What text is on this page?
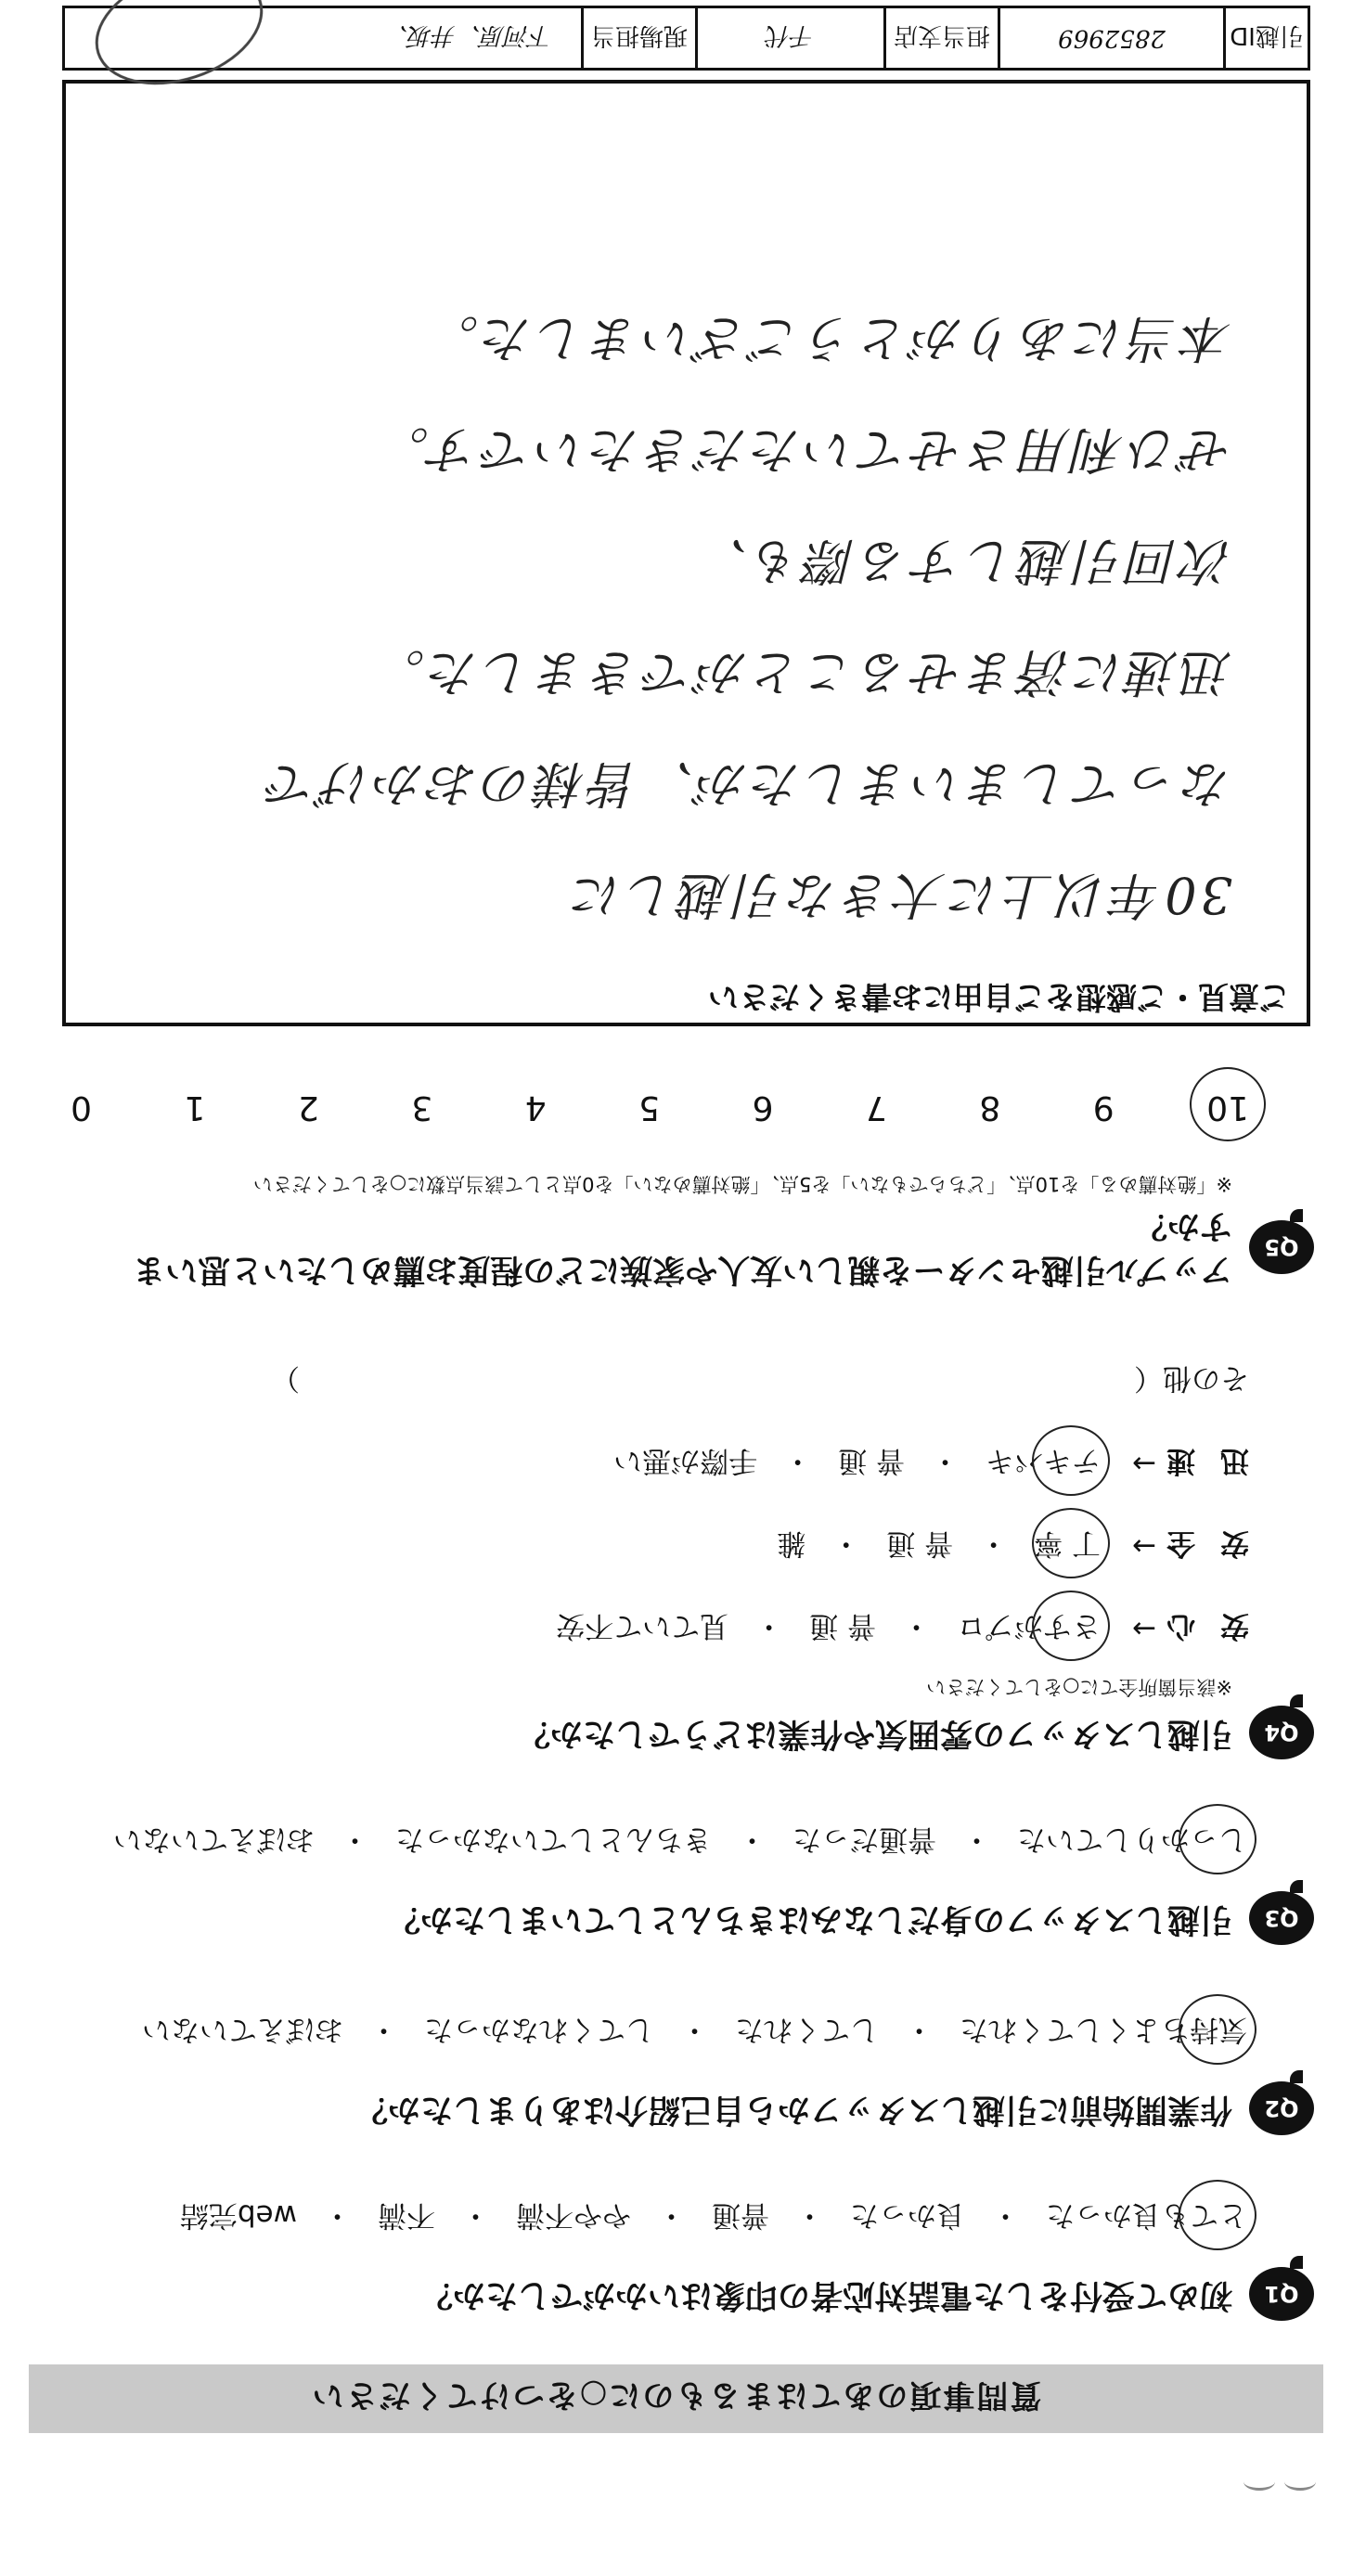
質問事項のあてはまるものに○をつけてください
Q1
初めて受付をした電話対応者の印象はいかがでしたか？
とても良かった・良かった・普通・やや不満・不満・web完結
Q2
作業開始前に引越しスタッフから自己紹介はありましたか？
気持ちよくしてくれた・してくれた・してくれなかった・おぼえていない
Q3
引越しスタッフの身だしなみはきちんとしていましたか？
しっかりしていた・普通だった・きちんとしていなかった・おぼえていない
Q4
引越しスタッフの雰囲気や作業はどうでしたか？
※該当箇所全てに○をしてください
安 心
→
さすがプロ
・
普 通
・
見ていて不安
安 全
→
丁 寧
・
普 通
・
雑
迅 速
→
テキパキ
・
普 通
・
手際が悪い
その他（　　　　　　　　　　　　　　　　　　　　　　　　　　　　　）
Q5
アップル引越センターを親しい友人や家族にどの程度お薦めしたいと思いますか？
※「絶対薦める」を10点、「どちらでもない」を5点、「絶対薦めない」を0点として該当点数に○をしてください
10
9
8
7
6
5
4
3
2
1
0
ご意見・ご感想をご自由にお書きください
30年以上に大きな引越しに
なってしまいましたが、皆様のおかげで
迅速に済ませることができました。
次回引越しする際も、
ぜひ利用させていただきたいです。
本当にありがとうございました。
引越ID
2852969
担当支店
千代
現場担当
下河原、井坂、
